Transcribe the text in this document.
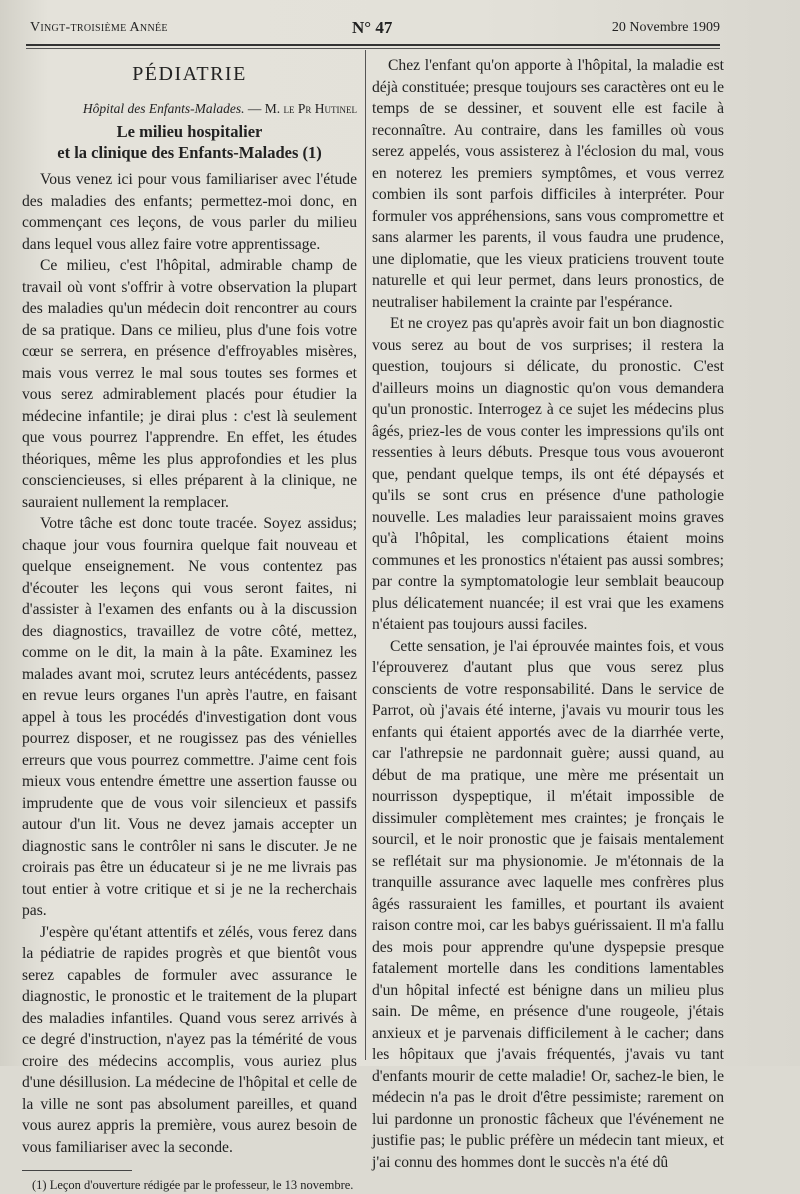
Vingt-troisième Année	N° 47	20 Novembre 1909
PÉDIATRIE
Hôpital des Enfants-Malades. — M. le Pr Hutinel
Le milieu hospitalier
et la clinique des Enfants-Malades (1)

Vous venez ici pour vous familiariser avec l'étude des maladies des enfants; permettez-moi donc, en commençant ces leçons, de vous parler du milieu dans lequel vous allez faire votre apprentissage.

Ce milieu, c'est l'hôpital, admirable champ de travail où vont s'offrir à votre observation la plupart des maladies qu'un médecin doit rencontrer au cours de sa pratique. Dans ce milieu, plus d'une fois votre cœur se serrera, en présence d'effroyables misères, mais vous verrez le mal sous toutes ses formes et vous serez admirablement placés pour étudier la médecine infantile; je dirai plus : c'est là seulement que vous pourrez l'apprendre. En effet, les études théoriques, même les plus approfondies et les plus consciencieuses, si elles préparent à la clinique, ne sauraient nullement la remplacer.

Votre tâche est donc toute tracée. Soyez assidus; chaque jour vous fournira quelque fait nouveau et quelque enseignement. Ne vous contentez pas d'écouter les leçons qui vous seront faites, ni d'assister à l'examen des enfants ou à la discussion des diagnostics, travaillez de votre côté, mettez, comme on le dit, la main à la pâte. Examinez les malades avant moi, scrutez leurs antécédents, passez en revue leurs organes l'un après l'autre, en faisant appel à tous les procédés d'investigation dont vous pourrez disposer, et ne rougissez pas des vénielles erreurs que vous pourrez commettre. J'aime cent fois mieux vous entendre émettre une assertion fausse ou imprudente que de vous voir silencieux et passifs autour d'un lit. Vous ne devez jamais accepter un diagnostic sans le contrôler ni sans le discuter. Je ne croirais pas être un éducateur si je ne me livrais pas tout entier à votre critique et si je ne la recherchais pas.

J'espère qu'étant attentifs et zélés, vous ferez dans la pédiatrie de rapides progrès et que bientôt vous serez capables de formuler avec assurance le diagnostic, le pronostic et le traitement de la plupart des maladies infantiles. Quand vous serez arrivés à ce degré d'instruction, n'ayez pas la témérité de vous croire des médecins accomplis, vous auriez plus d'une désillusion. La médecine de l'hôpital et celle de la ville ne sont pas absolument pareilles, et quand vous aurez appris la première, vous aurez besoin de vous familiariser avec la seconde.

(1) Leçon d'ouverture rédigée par le professeur, le 13 novembre.

Chez l'enfant qu'on apporte à l'hôpital, la maladie est déjà constituée; presque toujours ses caractères ont eu le temps de se dessiner, et souvent elle est facile à reconnaître. Au contraire, dans les familles où vous serez appelés, vous assisterez à l'éclosion du mal, vous en noterez les premiers symptômes, et vous verrez combien ils sont parfois difficiles à interpréter. Pour formuler vos appréhensions, sans vous compromettre et sans alarmer les parents, il vous faudra une prudence, une diplomatie, que les vieux praticiens trouvent toute naturelle et qui leur permet, dans leurs pronostics, de neutraliser habilement la crainte par l'espérance.

Et ne croyez pas qu'après avoir fait un bon diagnostic vous serez au bout de vos surprises; il restera la question, toujours si délicate, du pronostic. C'est d'ailleurs moins un diagnostic qu'on vous demandera qu'un pronostic. Interrogez à ce sujet les médecins plus âgés, priez-les de vous conter les impressions qu'ils ont ressenties à leurs débuts. Presque tous vous avoueront que, pendant quelque temps, ils ont été dépaysés et qu'ils se sont crus en présence d'une pathologie nouvelle. Les maladies leur paraissaient moins graves qu'à l'hôpital, les complications étaient moins communes et les pronostics n'étaient pas aussi sombres; par contre la symptomatologie leur semblait beaucoup plus délicatement nuancée; il est vrai que les examens n'étaient pas toujours aussi faciles.

Cette sensation, je l'ai éprouvée maintes fois, et vous l'éprouverez d'autant plus que vous serez plus conscients de votre responsabilité. Dans le service de Parrot, où j'avais été interne, j'avais vu mourir tous les enfants qui étaient apportés avec de la diarrhée verte, car l'athrepsie ne pardonnait guère; aussi quand, au début de ma pratique, une mère me présentait un nourrisson dyspeptique, il m'était impossible de dissimuler complètement mes craintes; je fronçais le sourcil, et le noir pronostic que je faisais mentalement se reflétait sur ma physionomie. Je m'étonnais de la tranquille assurance avec laquelle mes confrères plus âgés rassuraient les familles, et pourtant ils avaient raison contre moi, car les babys guérissaient. Il m'a fallu des mois pour apprendre qu'une dyspepsie presque fatalement mortelle dans les conditions lamentables d'un hôpital infecté est bénigne dans un milieu plus sain. De même, en présence d'une rougeole, j'étais anxieux et je parvenais difficilement à le cacher; dans les hôpitaux que j'avais fréquentés, j'avais vu tant d'enfants mourir de cette maladie! Or, sachez-le bien, le médecin n'a pas le droit d'être pessimiste; rarement on lui pardonne un pronostic fâcheux que l'événement ne justifie pas; le public préfère un médecin tant mieux, et j'ai connu des hommes dont le succès n'a été dû
